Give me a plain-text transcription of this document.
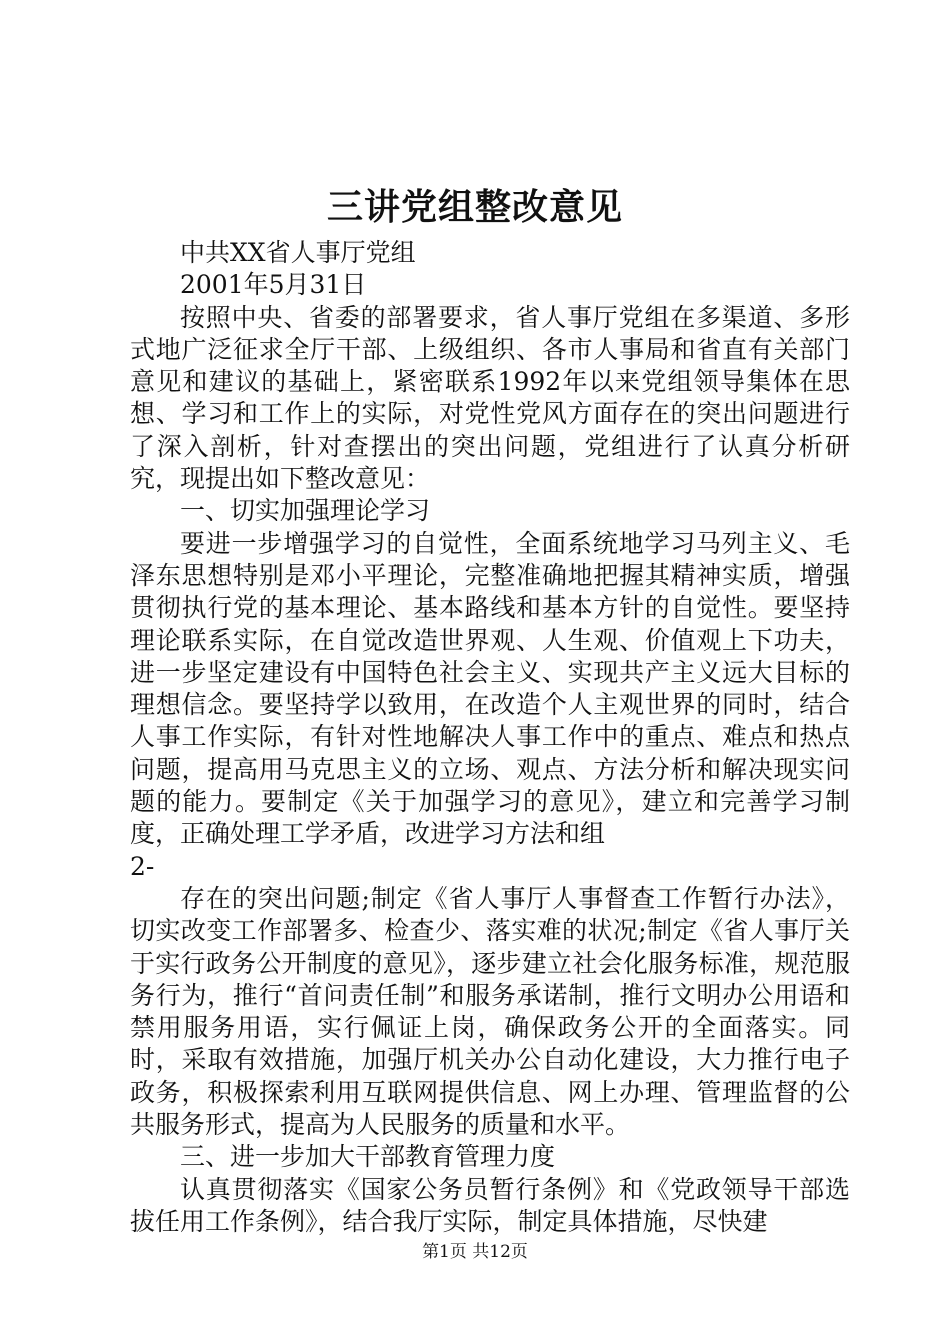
三讲党组整改意见

中共XX省人事厅党组

2001年5月31日

按照中央、省委的部署要求，省人事厅党组在多渠道、多形式地广泛征求全厅干部、上级组织、各市人事局和省直有关部门意见和建议的基础上，紧密联系1992年以来党组领导集体在思想、学习和工作上的实际，对党性党风方面存在的突出问题进行了深入剖析，针对查摆出的突出问题，党组进行了认真分析研究，现提出如下整改意见：

一、切实加强理论学习

要进一步增强学习的自觉性，全面系统地学习马列主义、毛泽东思想特别是邓小平理论，完整准确地把握其精神实质，增强贯彻执行党的基本理论、基本路线和基本方针的自觉性。要坚持理论联系实际，在自觉改造世界观、人生观、价值观上下功夫，进一步坚定建设有中国特色社会主义、实现共产主义远大目标的理想信念。要坚持学以致用，在改造个人主观世界的同时，结合人事工作实际，有针对性地解决人事工作中的重点、难点和热点问题，提高用马克思主义的立场、观点、方法分析和解决现实问题的能力。要制定《关于加强学习的意见》，建立和完善学习制度，正确处理工学矛盾，改进学习方法和组

2-

存在的突出问题;制定《省人事厅人事督查工作暂行办法》，切实改变工作部署多、检查少、落实难的状况;制定《省人事厅关于实行政务公开制度的意见》，逐步建立社会化服务标准，规范服务行为，推行“首问责任制”和服务承诺制，推行文明办公用语和禁用服务用语，实行佩证上岗，确保政务公开的全面落实。同时，采取有效措施，加强厅机关办公自动化建设，大力推行电子政务，积极探索利用互联网提供信息、网上办理、管理监督的公共服务形式，提高为人民服务的质量和水平。

三、进一步加大干部教育管理力度

认真贯彻落实《国家公务员暂行条例》和《党政领导干部选拔任用工作条例》，结合我厅实际，制定具体措施，尽快建

第1页 共12页
